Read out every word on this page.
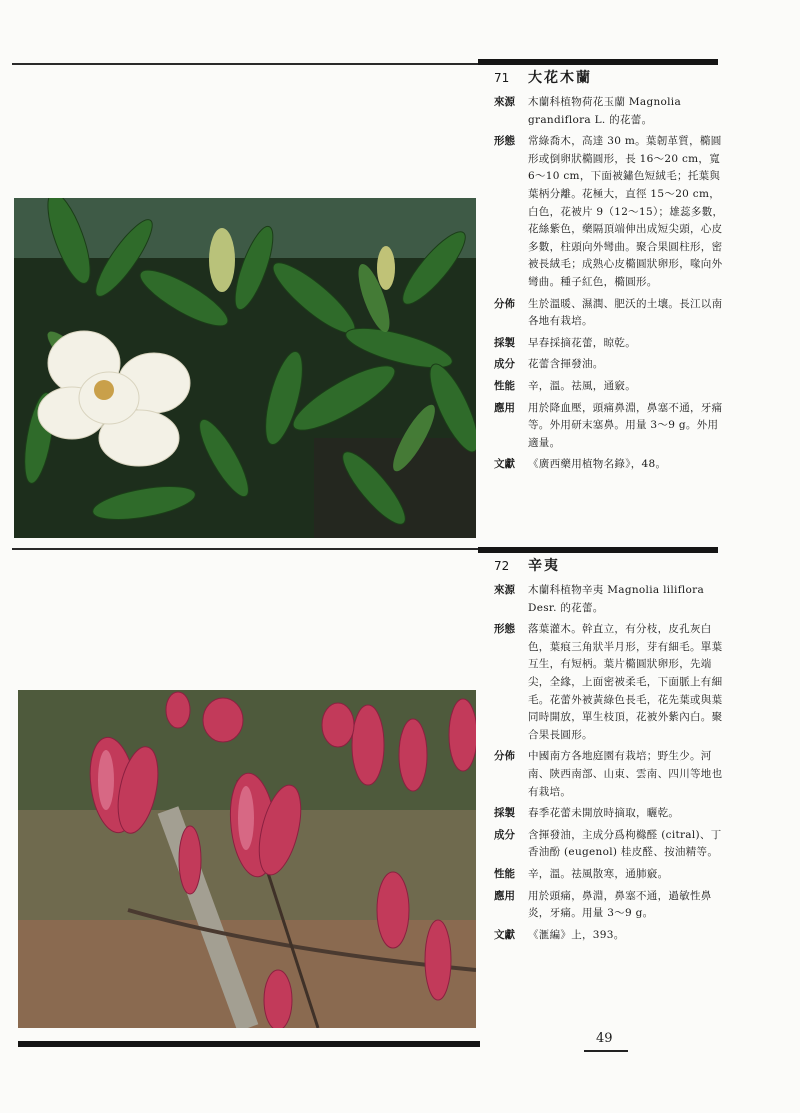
71 大花木蘭
來源	木蘭科植物荷花玉蘭 Magnolia grandiflora L. 的花蕾。
形態	常綠喬木，高達 30 m。葉韌革質，橢圓形或倒卵狀橢圓形，長 16～20 cm，寬 6～10 cm，下面被鏽色短絨毛；托葉與葉柄分離。花極大，直徑 15～20 cm，白色，花被片 9（12～15）；雄蕊多數，花絲紫色，藥隔頂端伸出成短尖頭，心皮多數，柱頭向外彎曲。聚合果圓柱形，密被長絨毛；成熟心皮橢圓狀卵形，喙向外彎曲。種子紅色，橢圓形。
分佈	生於溫暖、濕潤、肥沃的土壤。長江以南各地有栽培。
採製	早春採摘花蕾，晾乾。
成分	花蕾含揮發油。
性能	辛，溫。祛風，通竅。
應用	用於降血壓，頭痛鼻淵，鼻塞不通，牙痛等。外用研末塞鼻。用量 3～9 g。外用適量。
文獻	《廣西藥用植物名錄》，48。
72 辛夷
來源	木蘭科植物辛夷 Magnolia liliflora Desr. 的花蕾。
形態	落葉灌木。幹直立，有分枝，皮孔灰白色，葉痕三角狀半月形，芽有細毛。單葉互生，有短柄。葉片橢圓狀卵形，先端尖，全緣，上面密被柔毛，下面脈上有細毛。花蕾外被黃綠色長毛，花先葉或與葉同時開放，單生枝頂，花被外紫內白。聚合果長圓形。
分佈	中國南方各地庭園有栽培；野生少。河南、陝西南部、山東、雲南、四川等地也有栽培。
採製	春季花蕾未開放時摘取，曬乾。
成分	含揮發油，主成分爲枸櫞醛 (citral)、丁香油酚 (eugenol) 桂皮醛、按油精等。
性能	辛，溫。祛風散寒，通肺竅。
應用	用於頭痛，鼻淵，鼻塞不通，過敏性鼻炎，牙痛。用量 3～9 g。
文獻	《滙編》上，393。
49
